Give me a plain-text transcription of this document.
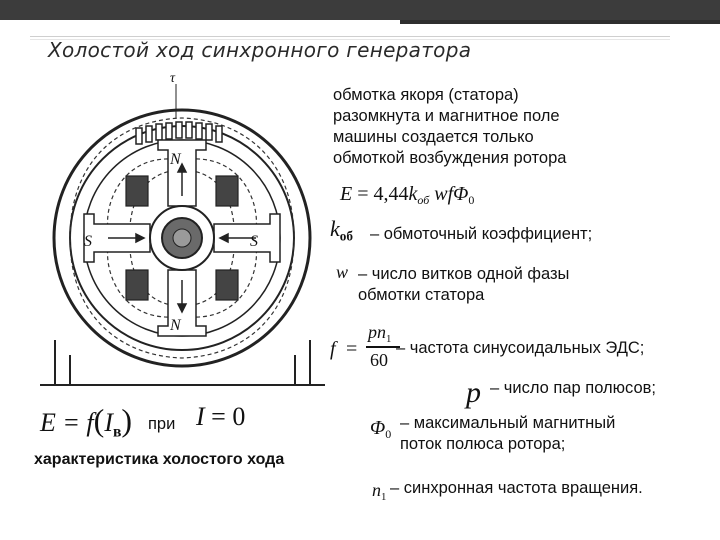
Холостой ход синхронного генератора
τ
N
N
S	S
обмотка якоря (статора)
разомкнута и магнитное поле
машины создается только
обмоткой возбуждения ротора
$E = 4,44k_{об}$ wfΦ$_0$
$k_{об}$ – обмоточный коэффициент;
w – число витков одной фазы
обмотки статора
f =
$pn_1$
60
– частота синусоидальных ЭДС;
p – число пар полюсов;
$\Phi_0$
– максимальный магнитный
поток полюса ротора;
$n_1$ – синхронная частота вращения.
$E = f(I_в)$ при I = 0
характеристика холостого хода
